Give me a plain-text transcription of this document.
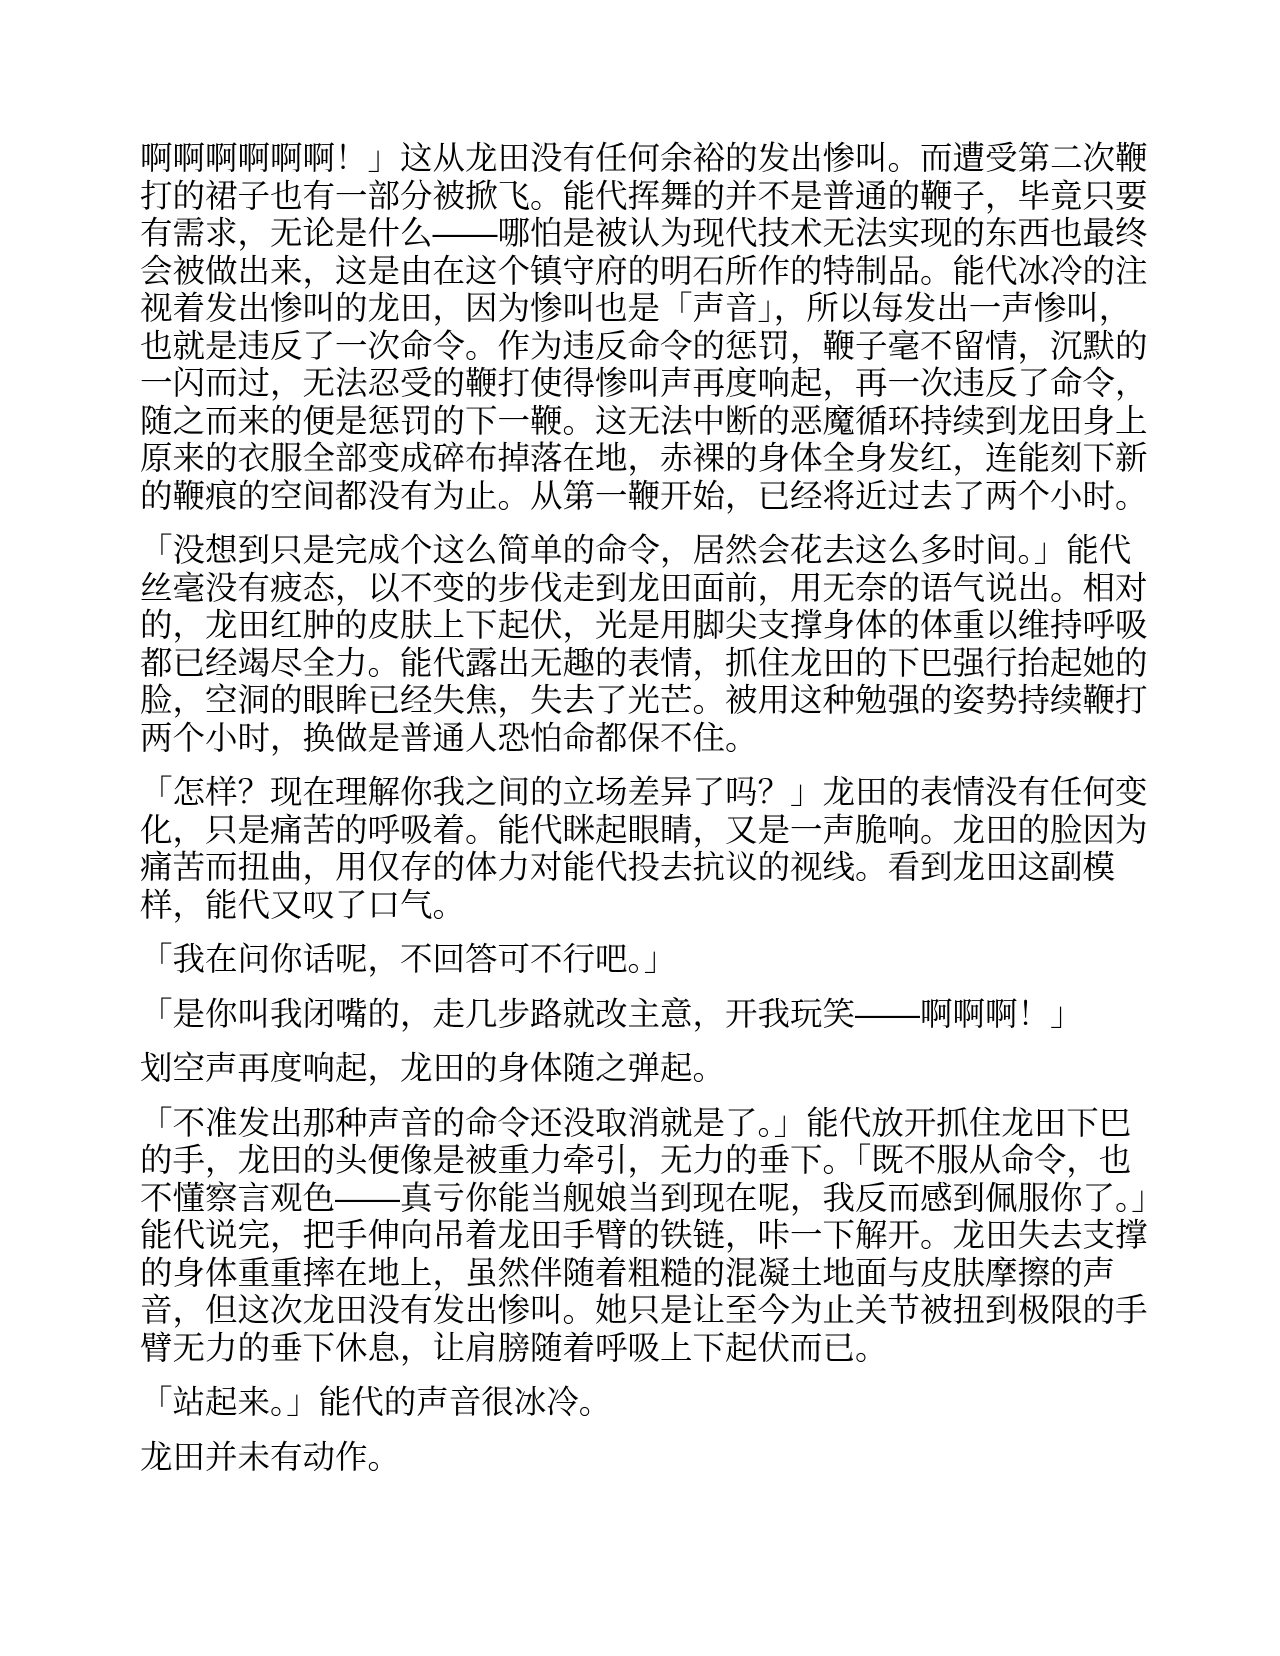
啊啊啊啊啊啊！」这从龙田没有任何余裕的发出惨叫。而遭受第二次鞭打的裙子也有一部分被掀飞。能代挥舞的并不是普通的鞭子，毕竟只要有需求，无论是什么——哪怕是被认为现代技术无法实现的东西也最终会被做出来，这是由在这个镇守府的明石所作的特制品。能代冰冷的注视着发出惨叫的龙田，因为惨叫也是「声音」，所以每发出一声惨叫，也就是违反了一次命令。作为违反命令的惩罚，鞭子毫不留情，沉默的一闪而过，无法忍受的鞭打使得惨叫声再度响起，再一次违反了命令，随之而来的便是惩罚的下一鞭。这无法中断的恶魔循环持续到龙田身上原来的衣服全部变成碎布掉落在地，赤裸的身体全身发红，连能刻下新的鞭痕的空间都没有为止。从第一鞭开始，已经将近过去了两个小时。

「没想到只是完成个这么简单的命令，居然会花去这么多时间。」能代丝毫没有疲态，以不变的步伐走到龙田面前，用无奈的语气说出。相对的，龙田红肿的皮肤上下起伏，光是用脚尖支撑身体的体重以维持呼吸都已经竭尽全力。能代露出无趣的表情，抓住龙田的下巴强行抬起她的脸，空洞的眼眸已经失焦，失去了光芒。被用这种勉强的姿势持续鞭打两个小时，换做是普通人恐怕命都保不住。

「怎样？现在理解你我之间的立场差异了吗？」龙田的表情没有任何变化，只是痛苦的呼吸着。能代眯起眼睛，又是一声脆响。龙田的脸因为痛苦而扭曲，用仅存的体力对能代投去抗议的视线。看到龙田这副模样，能代又叹了口气。

「我在问你话呢，不回答可不行吧。」

「是你叫我闭嘴的，走几步路就改主意，开我玩笑——啊啊啊！」

划空声再度响起，龙田的身体随之弹起。

「不准发出那种声音的命令还没取消就是了。」能代放开抓住龙田下巴的手，龙田的头便像是被重力牵引，无力的垂下。「既不服从命令，也不懂察言观色——真亏你能当舰娘当到现在呢，我反而感到佩服你了。」能代说完，把手伸向吊着龙田手臂的铁链，咔一下解开。龙田失去支撑的身体重重摔在地上，虽然伴随着粗糙的混凝土地面与皮肤摩擦的声音，但这次龙田没有发出惨叫。她只是让至今为止关节被扭到极限的手臂无力的垂下休息，让肩膀随着呼吸上下起伏而已。

「站起来。」能代的声音很冰冷。

龙田并未有动作。
